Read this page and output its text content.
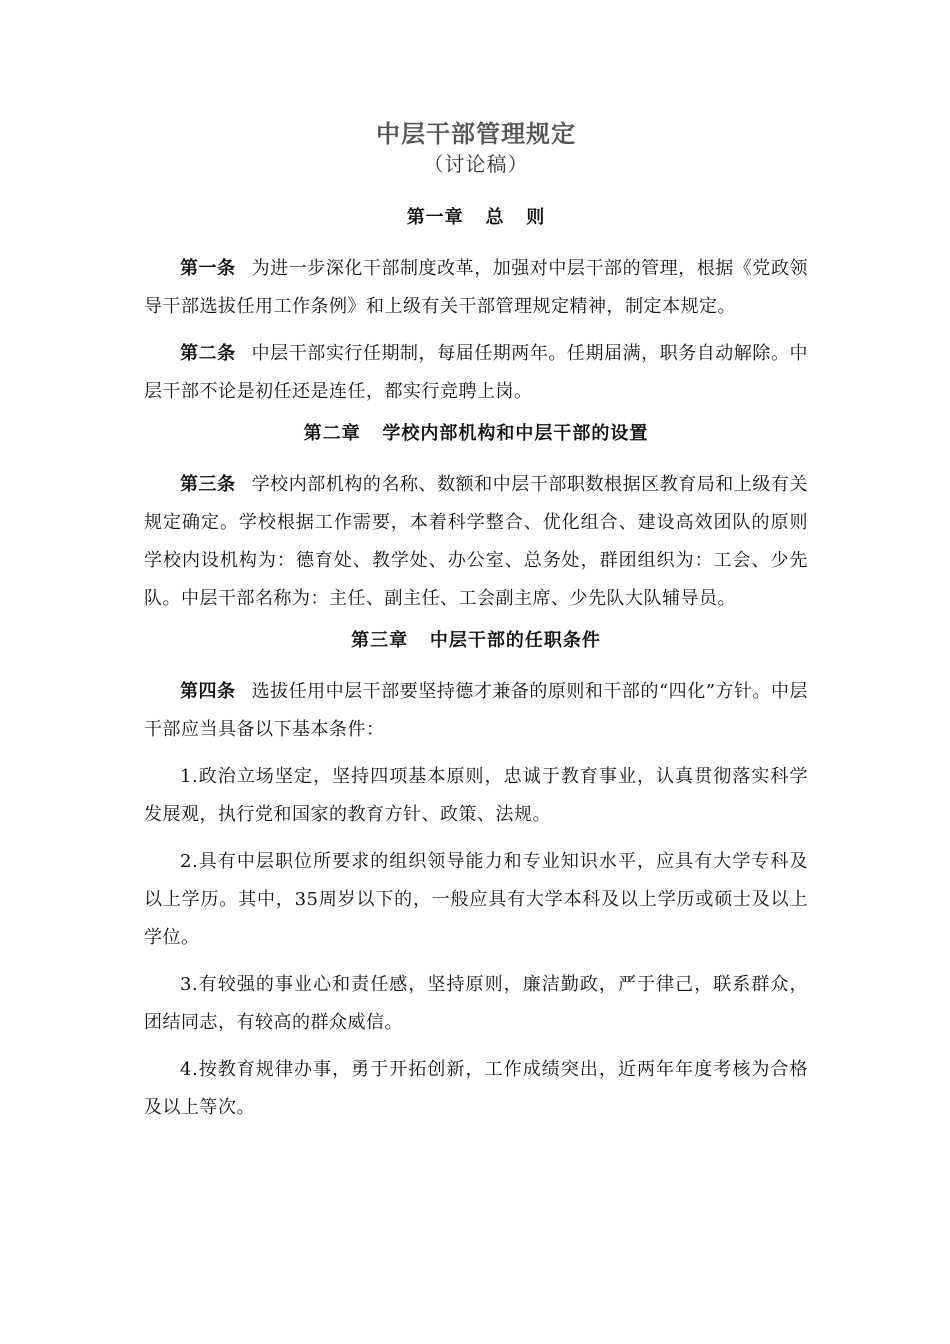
中层干部管理规定
（讨论稿）
第一章   总   则

第一条 为进一步深化干部制度改革，加强对中层干部的管理，根据《党政领导干部选拔任用工作条例》和上级有关干部管理规定精神，制定本规定。

第二条 中层干部实行任期制，每届任期两年。任期届满，职务自动解除。中层干部不论是初任还是连任，都实行竞聘上岗。

第二章   学校内部机构和中层干部的设置

第三条 学校内部机构的名称、数额和中层干部职数根据区教育局和上级有关规定确定。学校根据工作需要，本着科学整合、优化组合、建设高效团队的原则学校内设机构为：德育处、教学处、办公室、总务处，群团组织为：工会、少先队。中层干部名称为：主任、副主任、工会副主席、少先队大队辅导员。

第三章   中层干部的任职条件

第四条 选拔任用中层干部要坚持德才兼备的原则和干部的“四化”方针。中层干部应当具备以下基本条件：

1.政治立场坚定，坚持四项基本原则，忠诚于教育事业，认真贯彻落实科学发展观，执行党和国家的教育方针、政策、法规。

2.具有中层职位所要求的组织领导能力和专业知识水平，应具有大学专科及以上学历。其中，35周岁以下的，一般应具有大学本科及以上学历或硕士及以上学位。

3.有较强的事业心和责任感，坚持原则，廉洁勤政，严于律己，联系群众，团结同志，有较高的群众威信。

4.按教育规律办事，勇于开拓创新，工作成绩突出，近两年年度考核为合格及以上等次。
